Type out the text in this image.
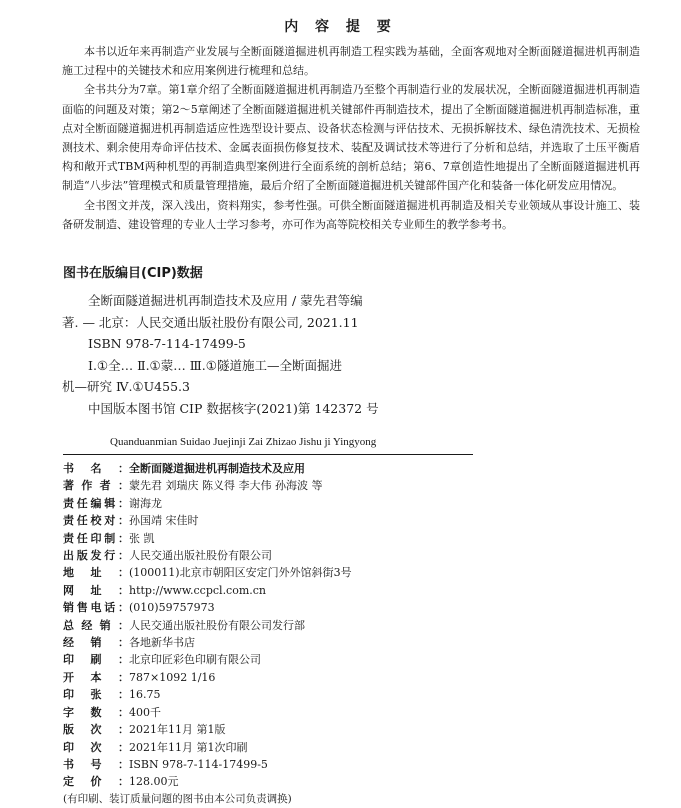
内 容 提 要

本书以近年来再制造产业发展与全断面隧道掘进机再制造工程实践为基础，全面客观地对全断面隧道掘进机再制造施工过程中的关键技术和应用案例进行梳理和总结。

全书共分为7章。第1章介绍了全断面隧道掘进机再制造乃至整个再制造行业的发展状况，全断面隧道掘进机再制造面临的问题及对策；第2～5章阐述了全断面隧道掘进机关键部件再制造技术，提出了全断面隧道掘进机再制造标准，重点对全断面隧道掘进机再制造适应性选型设计要点、设备状态检测与评估技术、无损拆解技术、绿色清洗技术、无损检测技术、剩余使用寿命评估技术、金属表面损伤修复技术、装配及调试技术等进行了分析和总结，并选取了土压平衡盾构和敞开式TBM两种机型的再制造典型案例进行全面系统的剖析总结；第6、7章创造性地提出了全断面隧道掘进机再制造“八步法”管理模式和质量管理措施，最后介绍了全断面隧道掘进机关键部件国产化和装备一体化研发应用情况。

全书图文并茂，深入浅出，资料翔实，参考性强。可供全断面隧道掘进机再制造及相关专业领域从事设计施工、装备研发制造、建设管理的专业人士学习参考，亦可作为高等院校相关专业师生的教学参考书。

图书在版编目(CIP)数据
全断面隧道掘进机再制造技术及应用 / 蒙先君等编
著. — 北京：人民交通出版社股份有限公司, 2021.11
ISBN 978-7-114-17499-5
Ⅰ.①全… Ⅱ.①蒙… Ⅲ.①隧道施工—全断面掘进
机—研究 Ⅳ.①U455.3
中国版本图书馆 CIP 数据核字(2021)第 142372 号
Quanduanmian Suidao Juejinji Zai Zhizao Jishu ji Yingyong
书 名 ： 全断面隧道掘进机再制造技术及应用
著 作 者 ： 蒙先君 刘瑞庆 陈义得 李大伟 孙海波 等
责 任 编 辑 ： 谢海龙
责 任 校 对 ： 孙国靖 宋佳时
责 任 印 制 ： 张 凯
出 版 发 行 ： 人民交通出版社股份有限公司
地 址 ： (100011)北京市朝阳区安定门外外馆斜街3号
网 址 ： http://www.ccpcl.com.cn
销 售 电 话 ： (010)59757973
总 经 销 ： 人民交通出版社股份有限公司发行部
经 销 ： 各地新华书店
印 刷 ： 北京印匠彩色印刷有限公司
开 本 ： 787×1092 1/16
印 张 ： 16.75
字 数 ： 400千
版 次 ： 2021年11月 第1版
印 次 ： 2021年11月 第1次印刷
书 号 ： ISBN 978-7-114-17499-5
定 价 ： 128.00元
(有印刷、装订质量问题的图书由本公司负责调换)
